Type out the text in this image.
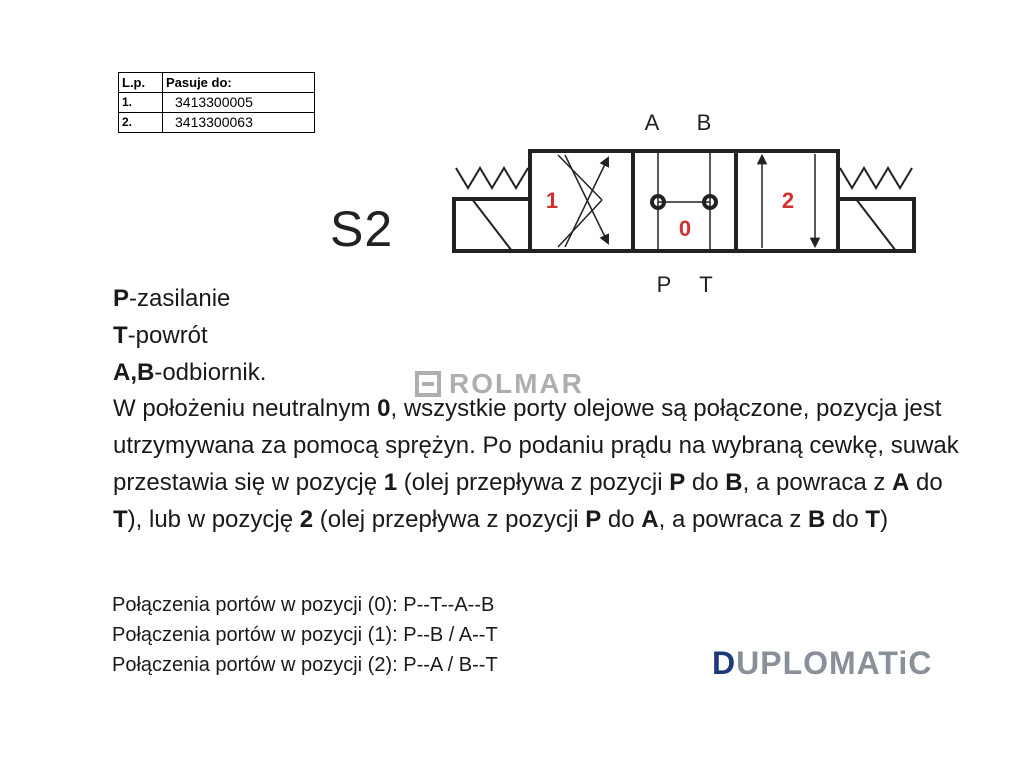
L.p.	Pasuje do:
1.	3413300005
2.	3413300063
S2
A B
P T
1
0
2
P-zasilanie
T-powrót
A,B-odbiornik.
W położeniu neutralnym 0, wszystkie porty olejowe są połączone, pozycja jest utrzymywana za pomocą sprężyn. Po podaniu prądu na wybraną cewkę, suwak przestawia się w pozycję 1 (olej przepływa z pozycji P do B, a powraca z A do T), lub w pozycję 2 (olej przepływa z pozycji P do A, a powraca z B do T)
ROLMAR
Połączenia portów w pozycji (0): P--T--A--B
Połączenia portów w pozycji (1): P--B / A--T
Połączenia portów w pozycji (2): P--A / B--T	DUPLOMATiC
